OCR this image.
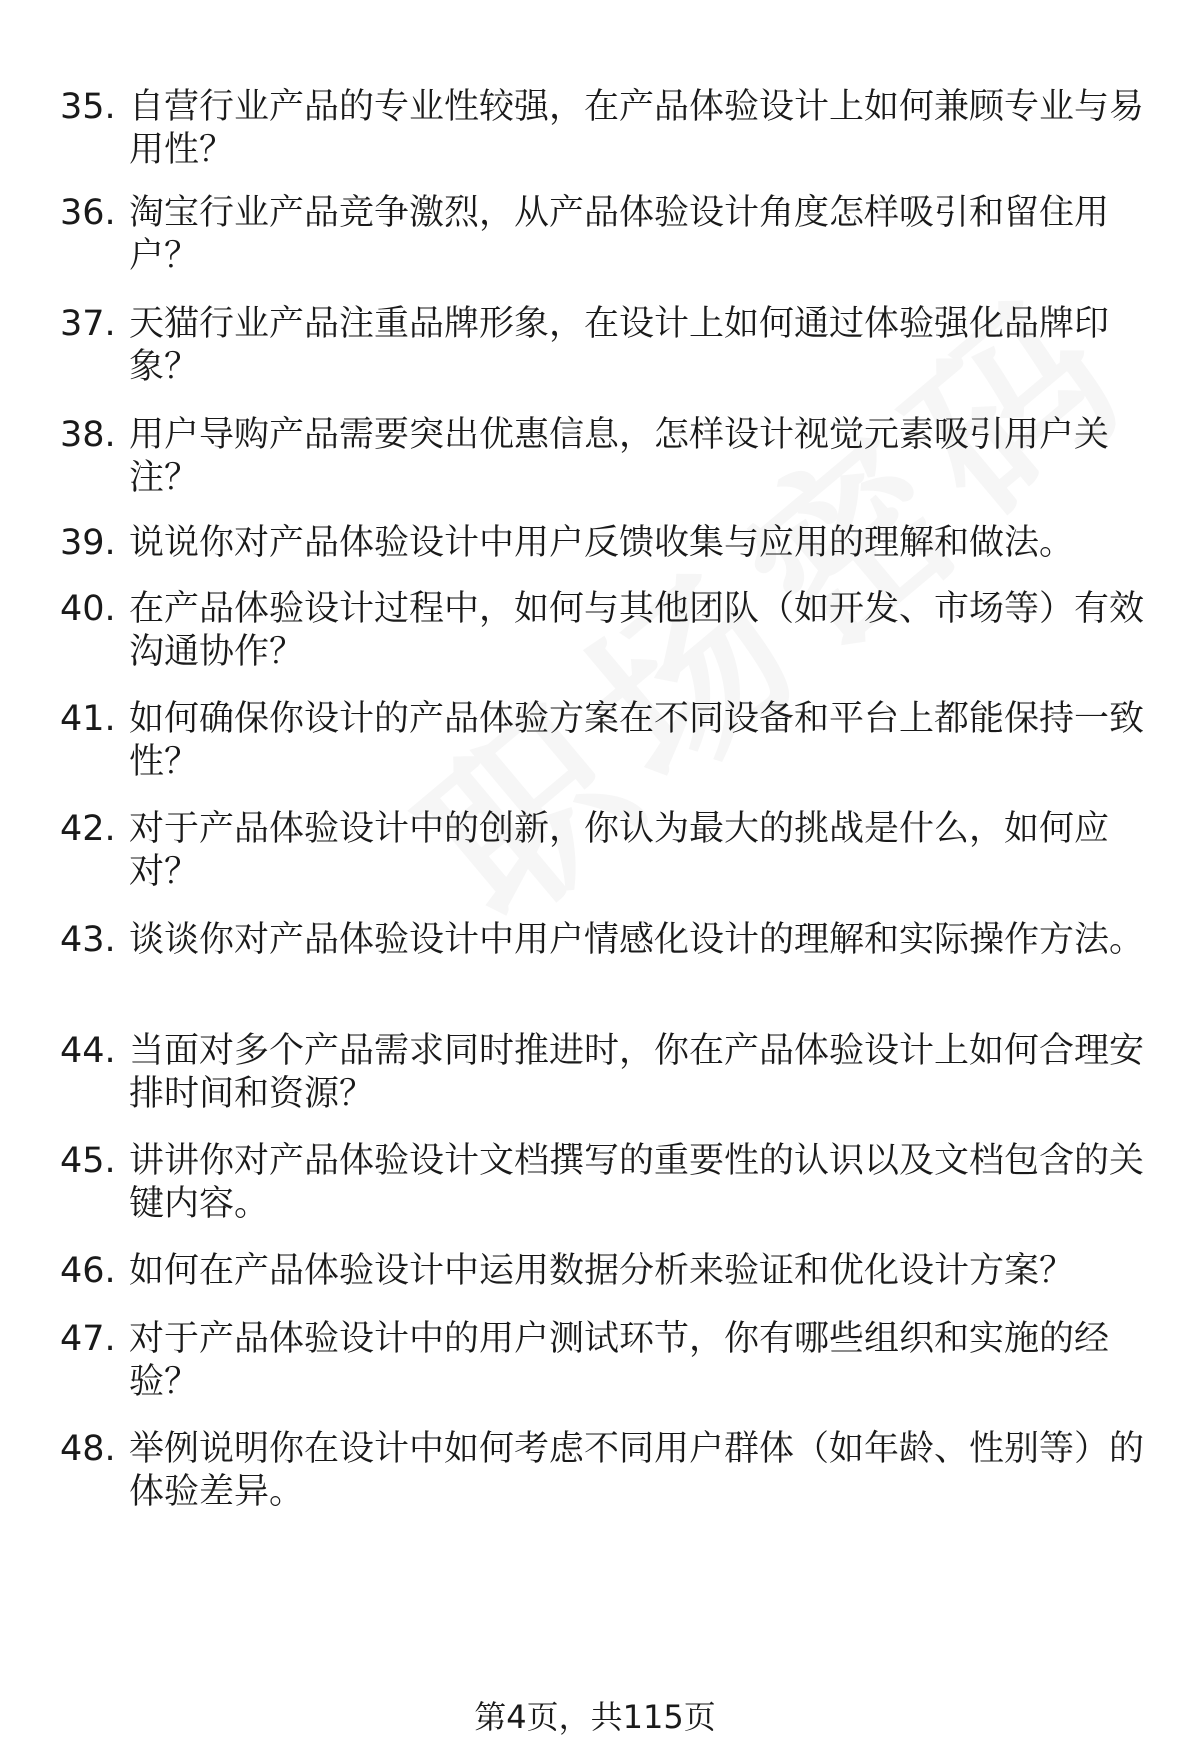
35. 自营行业产品的专业性较强，在产品体验设计上如何兼顾专业与易用性？
36. 淘宝行业产品竞争激烈，从产品体验设计角度怎样吸引和留住用户？
37. 天猫行业产品注重品牌形象，在设计上如何通过体验强化品牌印象？
38. 用户导购产品需要突出优惠信息，怎样设计视觉元素吸引用户关注？
39. 说说你对产品体验设计中用户反馈收集与应用的理解和做法。
40. 在产品体验设计过程中，如何与其他团队（如开发、市场等）有效沟通协作？
41. 如何确保你设计的产品体验方案在不同设备和平台上都能保持一致性？
42. 对于产品体验设计中的创新，你认为最大的挑战是什么，如何应对？
43. 谈谈你对产品体验设计中用户情感化设计的理解和实际操作方法。
44. 当面对多个产品需求同时推进时，你在产品体验设计上如何合理安排时间和资源？
45. 讲讲你对产品体验设计文档撰写的重要性的认识以及文档包含的关键内容。
46. 如何在产品体验设计中运用数据分析来验证和优化设计方案？
47. 对于产品体验设计中的用户测试环节，你有哪些组织和实施的经验？
48. 举例说明你在设计中如何考虑不同用户群体（如年龄、性别等）的体验差异。
第4页，共115页
